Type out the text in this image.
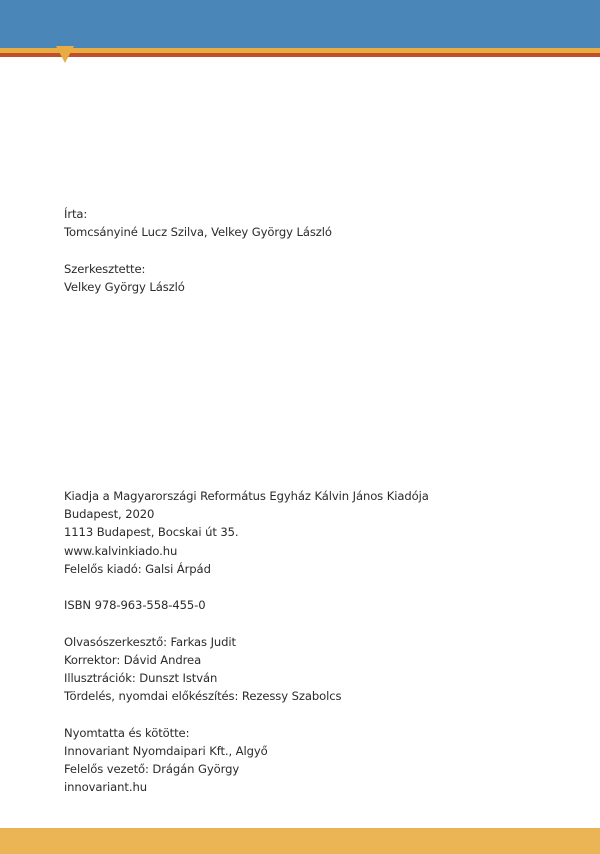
Írta:
Tomcsányiné Lucz Szilva, Velkey György László

Szerkesztette:
Velkey György László
Kiadja a Magyarországi Református Egyház Kálvin János Kiadója
Budapest, 2020
1113 Budapest, Bocskai út 35.
www.kalvinkiado.hu
Felelős kiadó: Galsi Árpád

ISBN 978-963-558-455-0

Olvasószerkesztő: Farkas Judit
Korrektor: Dávid Andrea
Illusztrációk: Dunszt István
Tördelés, nyomdai előkészítés: Rezessy Szabolcs

Nyomtatta és kötötte:
Innovariant Nyomdaipari Kft., Algyő
Felelős vezető: Drágán György
innovariant.hu
